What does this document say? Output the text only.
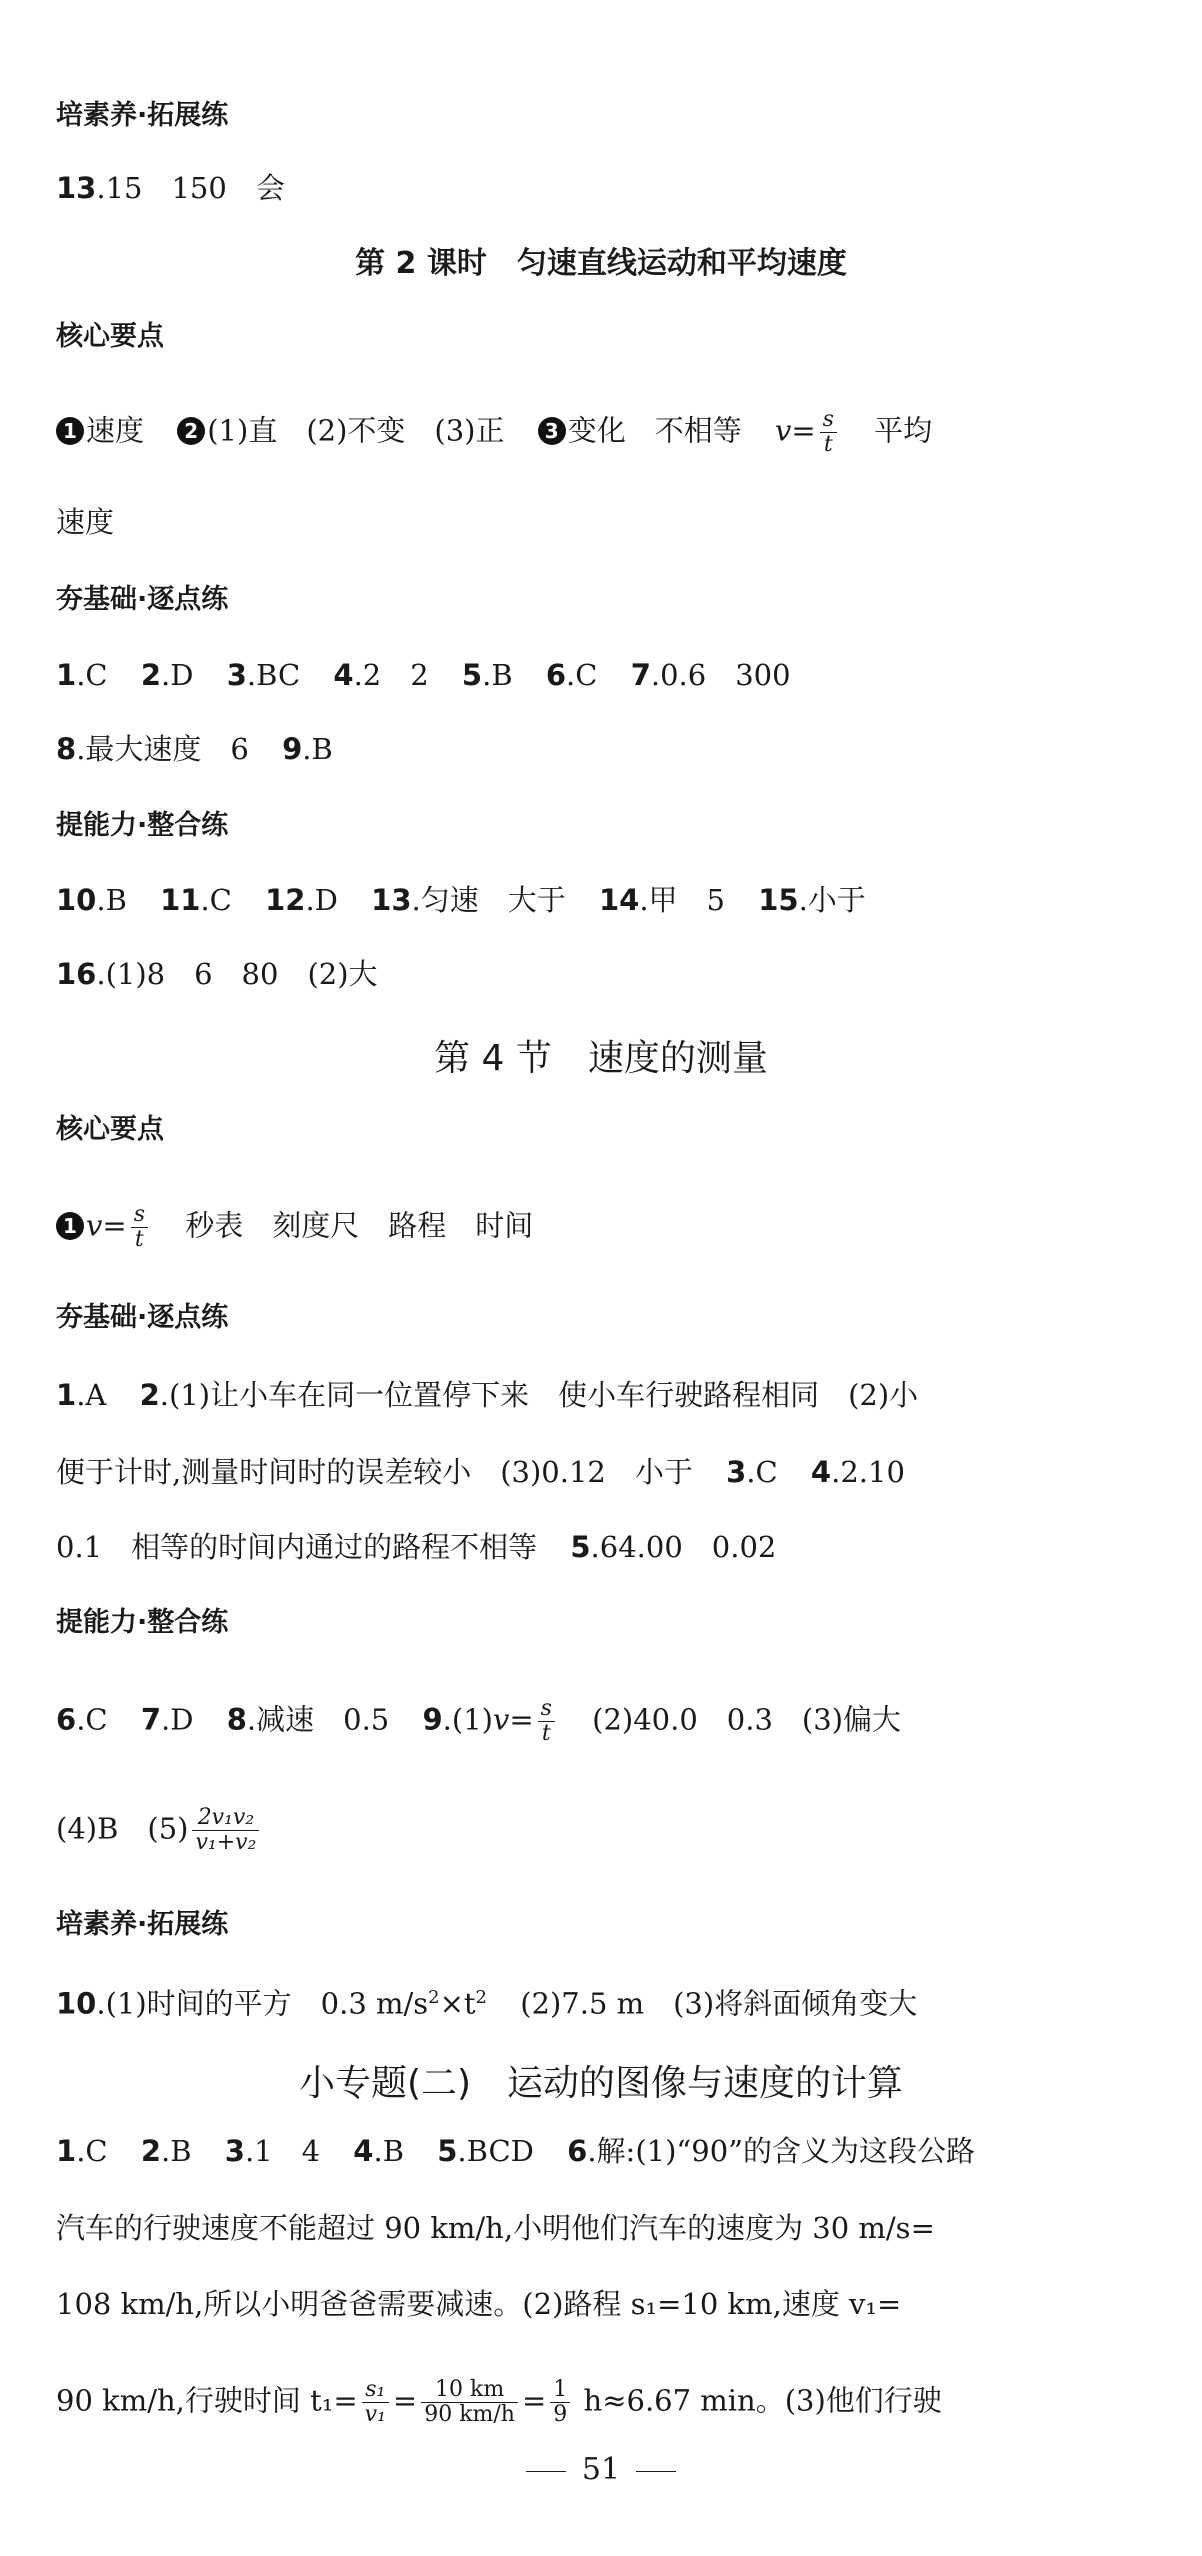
培素养·拓展练
13.15　150　会
第 2 课时　匀速直线运动和平均速度
核心要点
1 速度 2 (1)直　(2)不变　(3)正 3 变化　不相等 $v= \frac{s}{t}$ 平均
速度
夯基础·逐点练
1.C 2.D 3.BC 4.2　2 5.B 6.C 7.0.6　300
8.最大速度　6 9.B
提能力·整合练
10.B 11.C 12.D 13.匀速　大于 14.甲　5 15.小于
16.(1)8　6　80　(2)大
第 4 节　速度的测量
核心要点
1 $v= \frac{s}{t}$ 秒表　刻度尺　路程　时间
夯基础·逐点练
1.A 2.(1)让小车在同一位置停下来　使小车行驶路程相同　(2)小
便于计时,测量时间时的误差较小　(3)0.12　小于 3.C 4.2.10
0.1　相等的时间内通过的路程不相等 5.64.00　0.02
提能力·整合练
6.C 7.D 8.减速　0.5 $9.(1)v= \frac{s}{t} (2)40.0$　0.3　(3)偏大
(4)B　$(5) \frac{\text{2v₁v₂}}{\text{v₁+v₂}}$
培素养·拓展练
10.(1)时间的平方　0.3 $m/s^2\times t^2$ (2)7.5 m　(3)将斜面倾角变大
小专题(二)　运动的图像与速度的计算
1.C 2.B 3.1　4 4.B 5.BCD 6.解:(1)“90”的含义为这段公路
汽车的行驶速度不能超过 90 km/h,小明他们汽车的速度为 30 m/s=
108 km/h,所以小明爸爸需要减速。(2)路程 s₁=10 km,速度 v₁=
90 km/h,行驶时间 $t_1= \frac{\text{s₁}}{\text{v₁}} = \frac{10 km}{90 km/h} = \frac{1}{9} h\approx 6.67$ min。(3)他们行驶
51
